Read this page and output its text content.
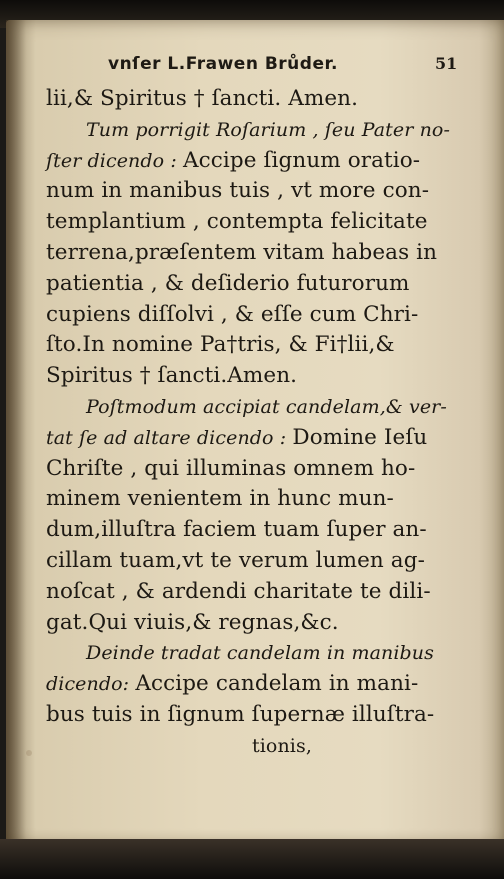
vnſer L.Frawen Brůder.	51
lii,& Spiritus † ſancti. Amen.
Tum porrigit Roſarium , ſeu Pater no-
ſter dicendo : Accipe ſignum oratio-
num in manibus tuis , vt more con-
templantium , contempta felicitate
terrena,præſentem vitam habeas in
patientia , & deſiderio futurorum
cupiens diſſolvi , & eſſe cum Chri-
ſto.In nomine Pa†tris, & Fi†lii,&
Spiritus † ſancti.Amen.
Poſtmodum accipiat candelam,& ver-
tat ſe ad altare dicendo : Domine Ieſu
Chriſte , qui illuminas omnem ho-
minem venientem in hunc mun-
dum,illuſtra faciem tuam ſuper an-
cillam tuam,vt te verum lumen ag-
noſcat , & ardendi charitate te dili-
gat.Qui viuis,& regnas,&c.
Deinde tradat candelam in manibus
dicendo: Accipe candelam in mani-
bus tuis in ſignum ſupernæ illuſtra-
tionis,
